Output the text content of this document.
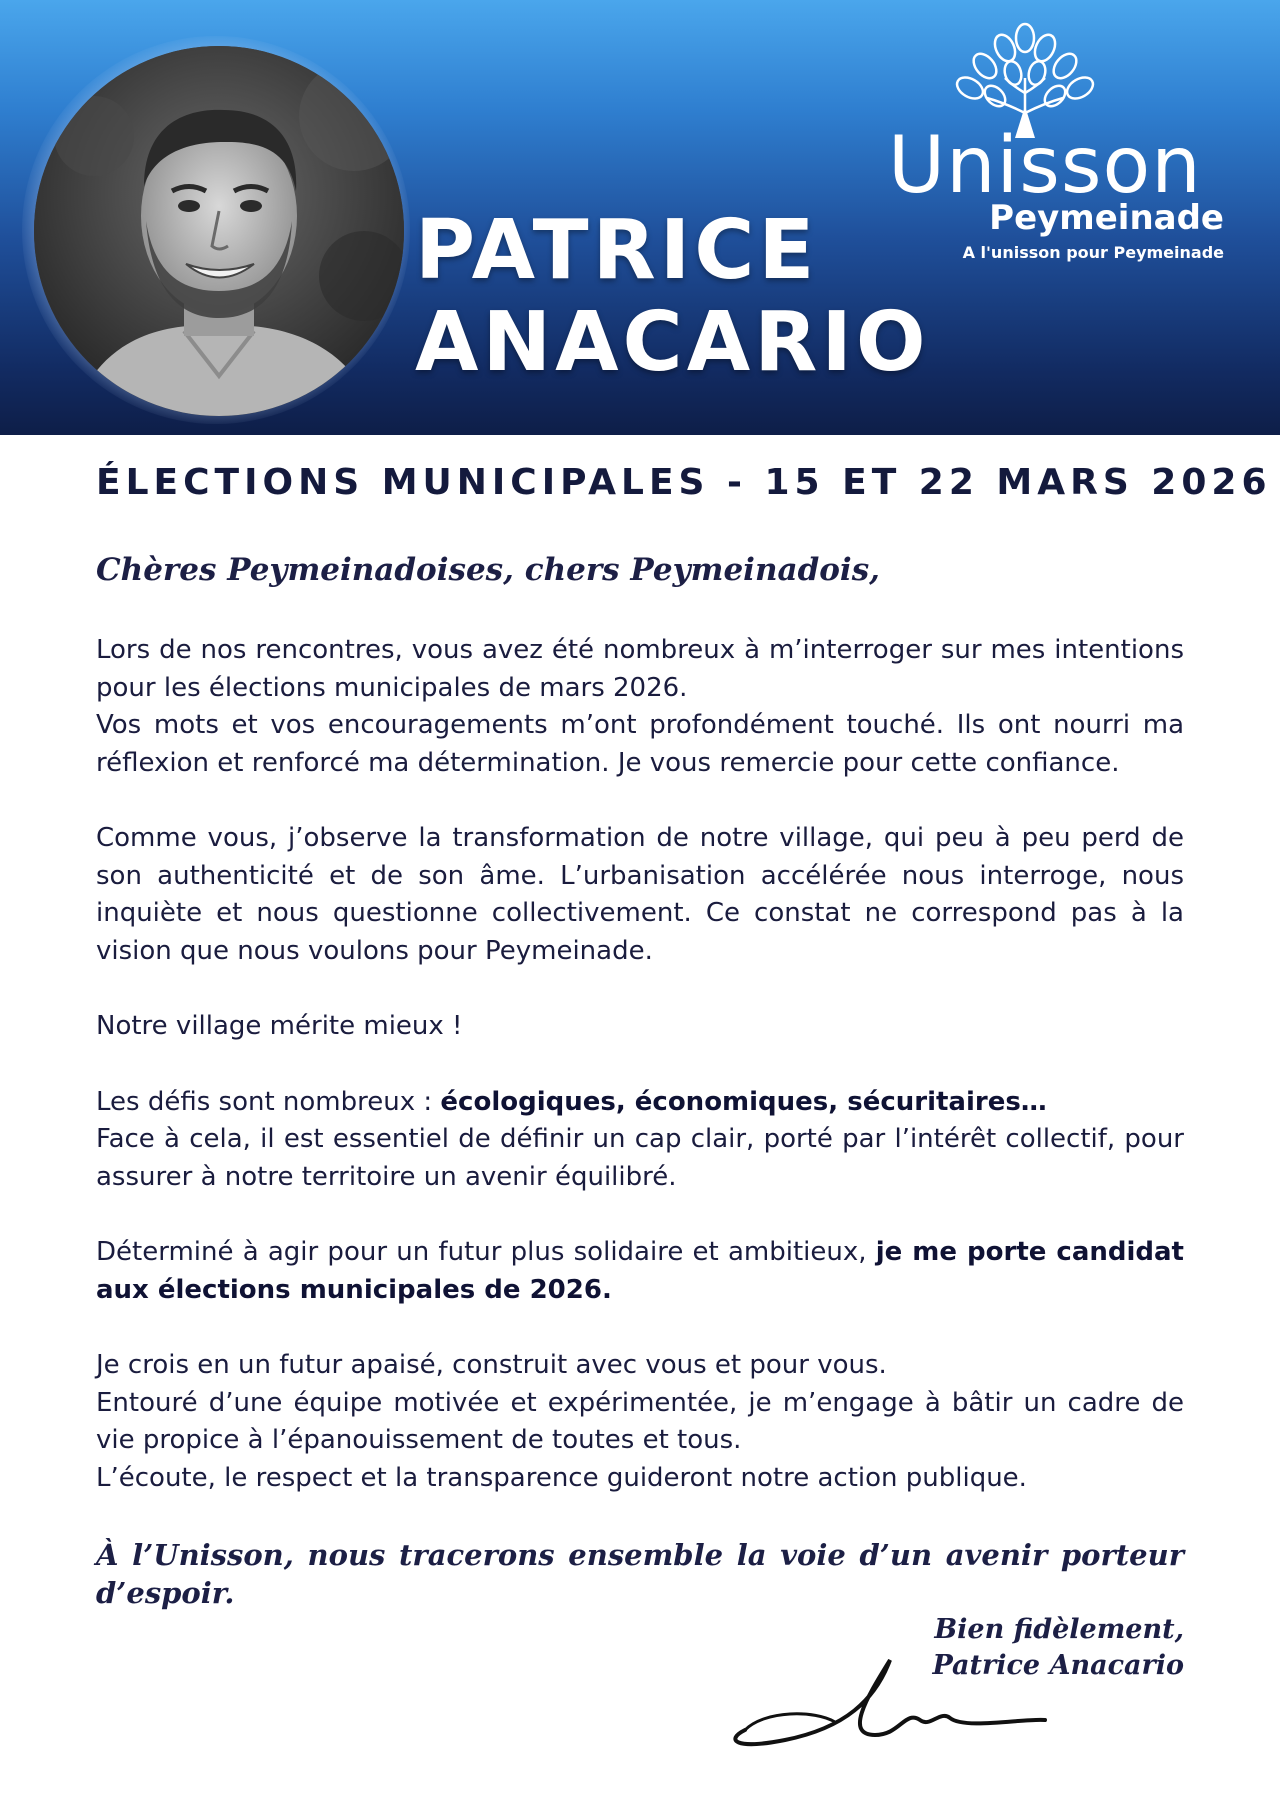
PATRICE
ANACARIO
Unisson
Peymeinade
A l'unisson pour Peymeinade
ÉLECTIONS MUNICIPALES - 15 ET 22 MARS 2026
Chères Peymeinadoises, chers Peymeinadois,

Lors de nos rencontres, vous avez été nombreux à m’interroger sur mes intentions pour les élections municipales de mars 2026.
Vos mots et vos encouragements m’ont profondément touché. Ils ont nourri ma réflexion et renforcé ma détermination. Je vous remercie pour cette confiance.

Comme vous, j’observe la transformation de notre village, qui peu à peu perd de son authenticité et de son âme. L’urbanisation accélérée nous interroge, nous inquiète et nous questionne collectivement. Ce constat ne correspond pas à la vision que nous voulons pour Peymeinade.

Notre village mérite mieux !

Les défis sont nombreux : écologiques, économiques, sécuritaires…
Face à cela, il est essentiel de définir un cap clair, porté par l’intérêt collectif, pour assurer à notre territoire un avenir équilibré.

Déterminé à agir pour un futur plus solidaire et ambitieux, je me porte candidat aux élections municipales de 2026.

Je crois en un futur apaisé, construit avec vous et pour vous.
Entouré d’une équipe motivée et expérimentée, je m’engage à bâtir un cadre de vie propice à l’épanouissement de toutes et tous.
L’écoute, le respect et la transparence guideront notre action publique.

À l’Unisson, nous tracerons ensemble la voie d’un avenir porteur d’espoir.
Bien fidèlement,
Patrice Anacario
